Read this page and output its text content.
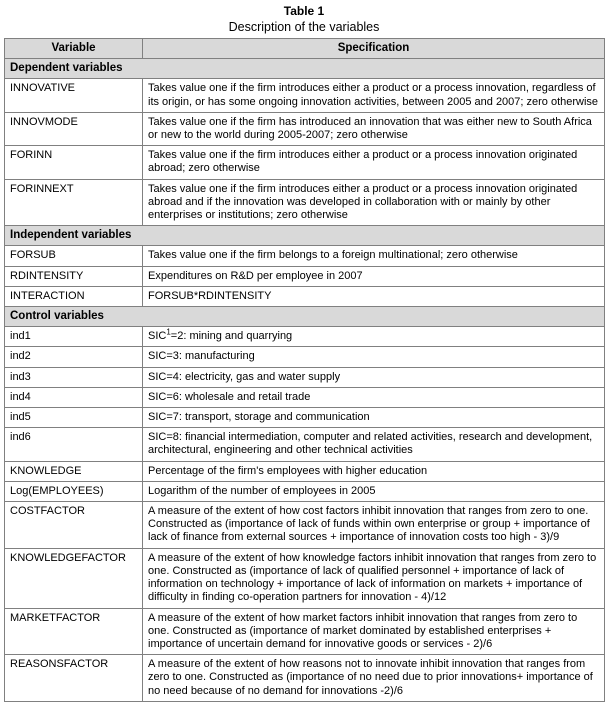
Table 1
Description of the variables
Variable	Specification
Dependent variables	
INNOVATIVE	Takes value one if the firm introduces either a product or a process innovation, regardless of its origin, or has some ongoing innovation activities, between 2005 and 2007; zero otherwise
INNOVMODE	Takes value one if the firm has introduced an innovation that was either new to South Africa or new to the world during 2005-2007; zero otherwise
FORINN	Takes value one if the firm introduces either a product or a process innovation originated abroad; zero otherwise
FORINNEXT	Takes value one if the firm introduces either a product or a process innovation originated abroad and if the innovation was developed in collaboration with or mainly by other enterprises or institutions; zero otherwise
Independent variables	
FORSUB	Takes value one if the firm belongs to a foreign multinational; zero otherwise
RDINTENSITY	Expenditures on R&D per employee in 2007
INTERACTION	FORSUB*RDINTENSITY
Control variables	
ind1	$SIC^1=2$: mining and quarrying
ind2	SIC=3: manufacturing
ind3	SIC=4: electricity, gas and water supply
ind4	SIC=6: wholesale and retail trade
ind5	SIC=7: transport, storage and communication
ind6	SIC=8: financial intermediation, computer and related activities, research and development, architectural, engineering and other technical activities
KNOWLEDGE	Percentage of the firm's employees with higher education
Log(EMPLOYEES)	Logarithm of the number of employees in 2005
COSTFACTOR	A measure of the extent of how cost factors inhibit innovation that ranges from zero to one. Constructed as (importance of lack of funds within own enterprise or group + importance of lack of finance from external sources + importance of innovation costs too high - 3)/9
KNOWLEDGEFACTOR	A measure of the extent of how knowledge factors inhibit innovation that ranges from zero to one. Constructed as (importance of lack of qualified personnel + importance of lack of information on technology + importance of lack of information on markets + importance of difficulty in finding co-operation partners for innovation - 4)/12
MARKETFACTOR	A measure of the extent of how market factors inhibit innovation that ranges from zero to one. Constructed as (importance of market dominated by established enterprises + importance of uncertain demand for innovative goods or services - 2)/6
REASONSFACTOR	A measure of the extent of how reasons not to innovate inhibit innovation that ranges from zero to one. Constructed as (importance of no need due to prior innovations+ importance of no need because of no demand for innovations -2)/6
